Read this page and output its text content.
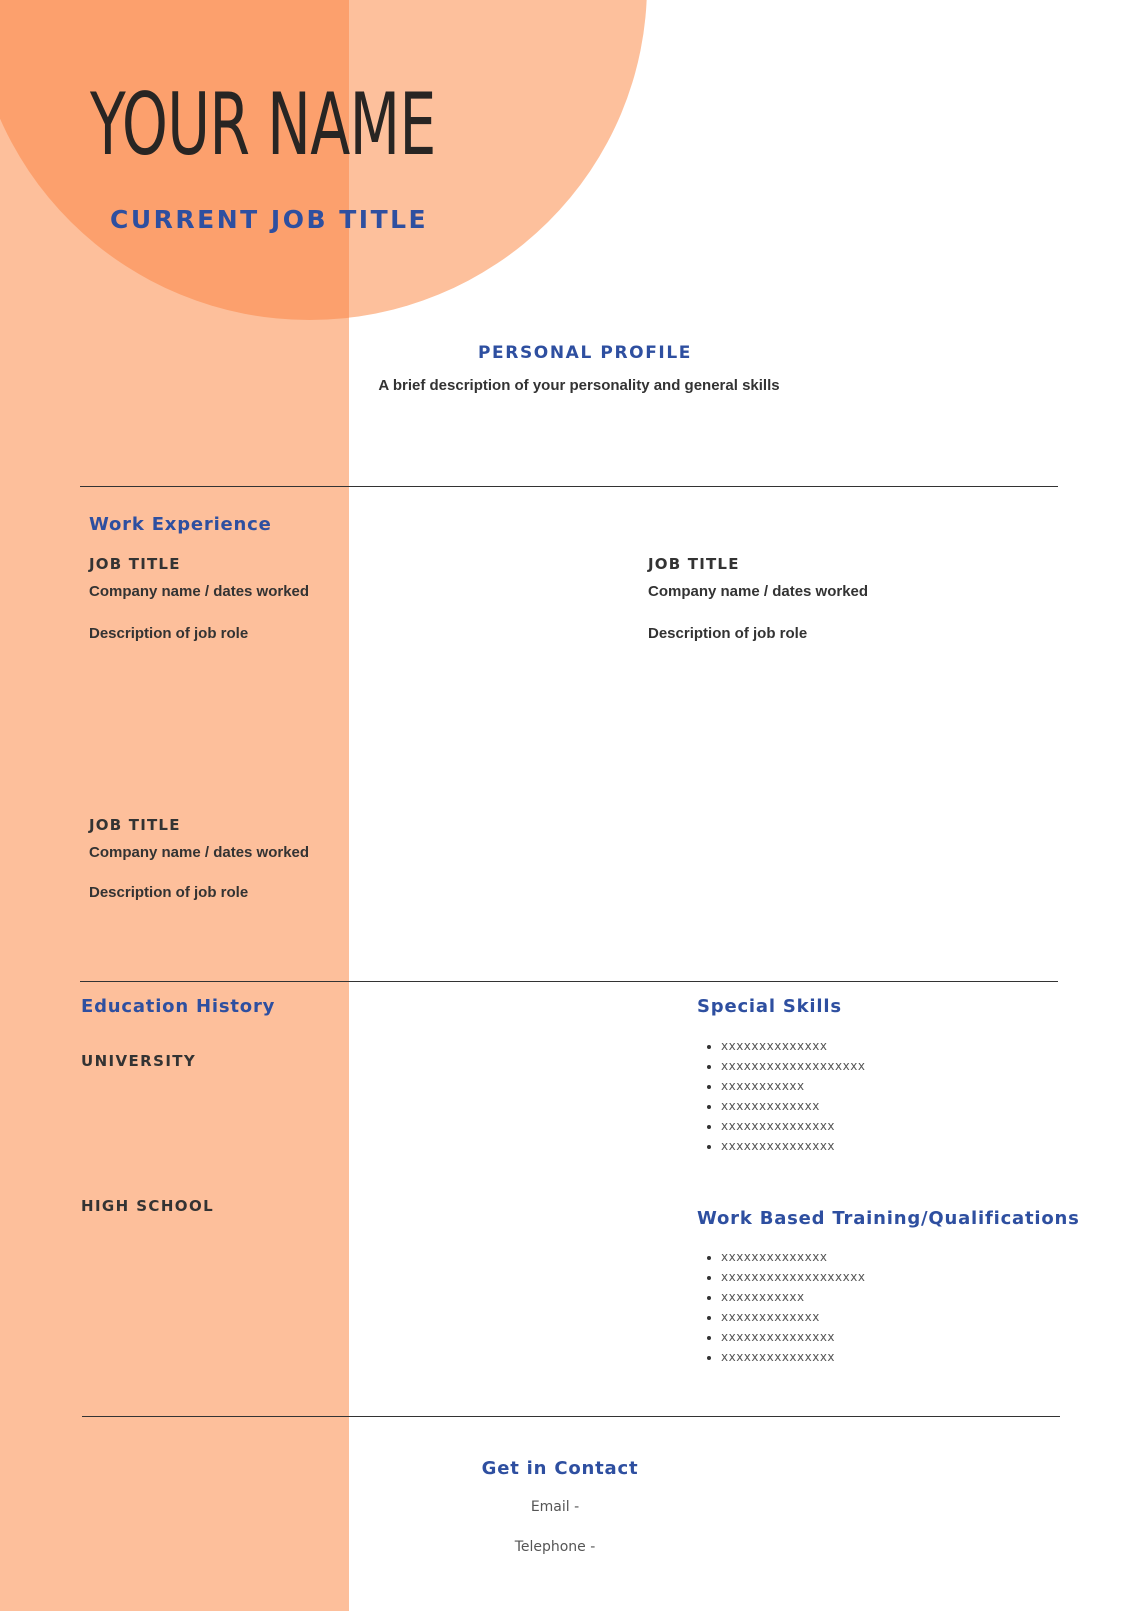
YOUR NAME
CURRENT JOB TITLE
PERSONAL PROFILE
A brief description of your personality and general skills
Work Experience
JOB TITLE
Company name / dates worked
Description of job role
JOB TITLE
Company name / dates worked
Description of job role
JOB TITLE
Company name / dates worked
Description of job role
Education History
UNIVERSITY
HIGH SCHOOL
Special Skills
• xxxxxxxxxxxxxx
• xxxxxxxxxxxxxxxxxxx
• xxxxxxxxxxx
• xxxxxxxxxxxxx
• xxxxxxxxxxxxxxx
• xxxxxxxxxxxxxxx
Work Based Training/Qualifications
• xxxxxxxxxxxxxx
• xxxxxxxxxxxxxxxxxxx
• xxxxxxxxxxx
• xxxxxxxxxxxxx
• xxxxxxxxxxxxxxx
• xxxxxxxxxxxxxxx
Get in Contact
Email -
Telephone -
